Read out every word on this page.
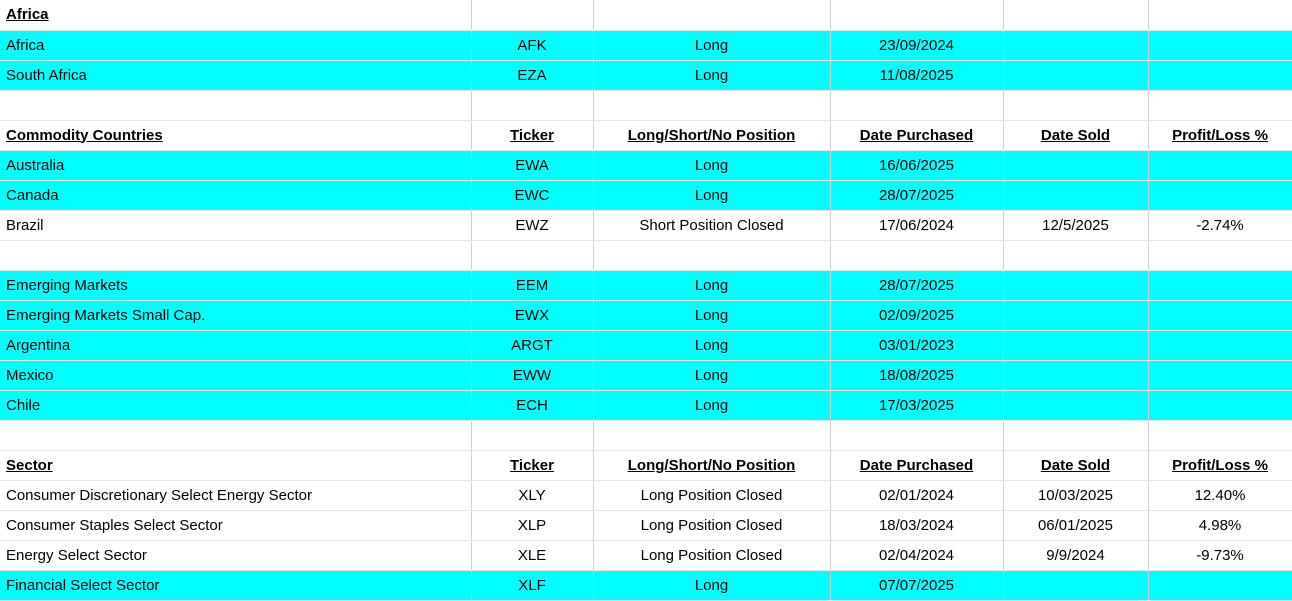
Africa					
Africa	AFK	Long	23/09/2024		
South Africa	EZA	Long	11/08/2025		

Commodity Countries	Ticker	Long/Short/No Position	Date Purchased	Date Sold	Profit/Loss %
Australia	EWA	Long	16/06/2025		
Canada	EWC	Long	28/07/2025		
Brazil	EWZ	Short Position Closed	17/06/2024	12/5/2025	-2.74%

Emerging Markets	EEM	Long	28/07/2025		
Emerging Markets Small Cap.	EWX	Long	02/09/2025		
Argentina	ARGT	Long	03/01/2023		
Mexico	EWW	Long	18/08/2025		
Chile	ECH	Long	17/03/2025		

Sector	Ticker	Long/Short/No Position	Date Purchased	Date Sold	Profit/Loss %
Consumer Discretionary Select Energy Sector	XLY	Long Position Closed	02/01/2024	10/03/2025	12.40%
Consumer Staples Select Sector	XLP	Long Position Closed	18/03/2024	06/01/2025	4.98%
Energy Select Sector	XLE	Long Position Closed	02/04/2024	9/9/2024	-9.73%
Financial Select Sector	XLF	Long	07/07/2025		
